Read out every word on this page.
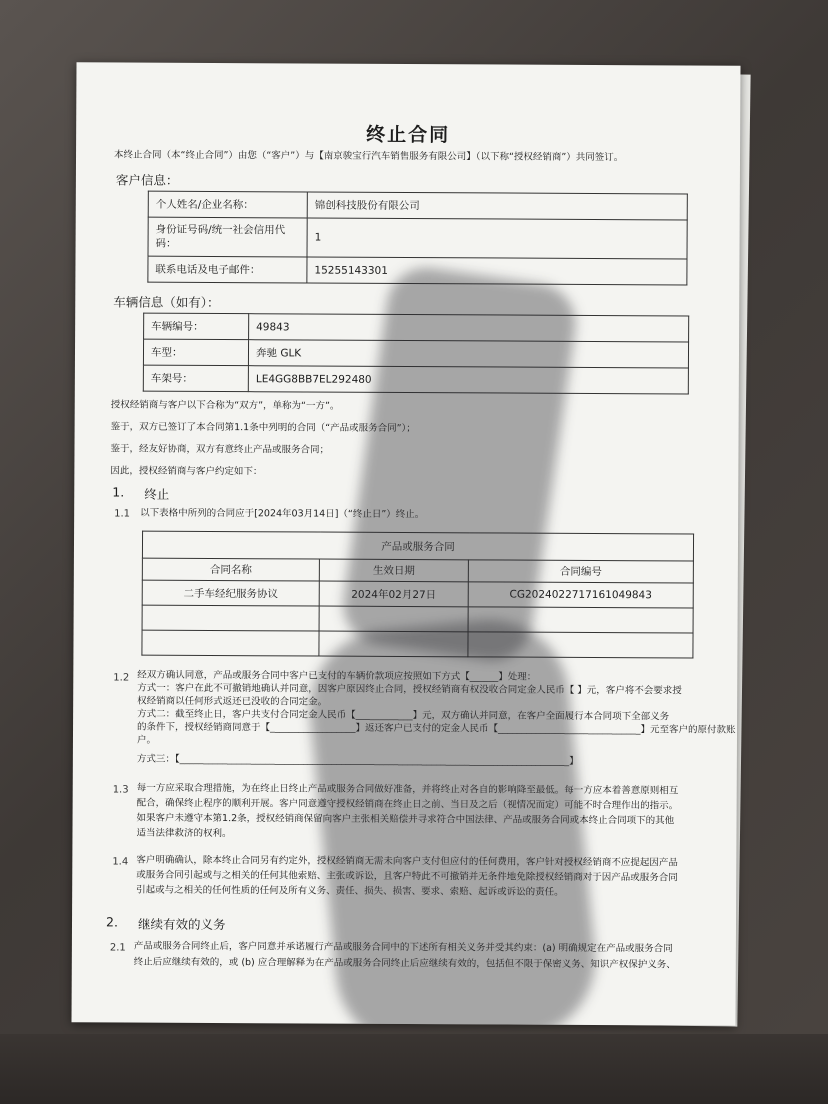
终止合同
本终止合同（本“终止合同”）由您（“客户”）与【南京骏宝行汽车销售服务有限公司】（以下称“授权经销商”）共同签订。
客户信息：
个人姓名/企业名称：	锦创科技股份有限公司
身份证号码/统一社会信用代码：	1
联系电话及电子邮件：	15255143301
车辆信息（如有）：
车辆编号：	49843
车型：	奔驰 GLK
车架号：	LE4GG8BB7EL292480
授权经销商与客户以下合称为“双方”，单称为“一方”。
鉴于，双方已签订了本合同第1.1条中列明的合同（“产品或服务合同”）；
鉴于，经友好协商，双方有意终止产品或服务合同；
因此，授权经销商与客户约定如下：
1. 终止
1.1 以下表格中所列的合同应于[2024年03月14日]（“终止日”）终止。
产品或服务合同		
合同名称	生效日期	合同编号
二手车经纪服务协议	2024年02月27日	CG20240227171610​49843

1.2 经双方确认同意，产品或服务合同中客户已支付的车辆价款项应按照如下方式【______】处理：
方式一：客户在此不可撤销地确认并同意，因客户原因终止合同，授权经销商有权没收合同定金人民币【 】元，客户将不会要求授
权经销商以任何形式返还已没收的合同定金。
方式二：截至终止日，客户共支付合同定金人民币【____________】元，双方确认并同意，在客户全面履行本合同项下全部义务
的条件下，授权经销商同意于【__________________】返还客户已支付的定金人民币【______________________________】元至客户的原付款账
户。
方式三：【__________________________________________________________________________________】
1.3 每一方应采取合理措施，为在终止日终止产品或服务合同做好准备，并将终止对各自的影响降至最低。每一方应本着善意原则相互
配合，确保终止程序的顺利开展。客户同意遵守授权经销商在终止日之前、当日及之后（视情况而定）可能不时合理作出的指示。
如果客户未遵守本第1.2条，授权经销商保留向客户主张相关赔偿并寻求符合中国法律、产品或服务合同或本终止合同项下的其他
适当法律救济的权利。
1.4 客户明确确认，除本终止合同另有约定外，授权经销商无需未向客户支付但应付的任何费用，客户针对授权经销商不应提起因产品
或服务合同引起或与之相关的任何其他索赔、主张或诉讼，且客户特此不可撤销并无条件地免除授权经销商对于因产品或服务合同
引起或与之相关的任何性质的任何及所有义务、责任、损失、损害、要求、索赔、起诉或诉讼的责任。
2. 继续有效的义务
2.1 产品或服务合同终止后，客户同意并承诺履行产品或服务合同中的下述所有相关义务并受其约束：(a) 明确规定在产品或服务合同
终止后应继续有效的，或 (b) 应合理解释为在产品或服务合同终止后应继续有效的，包括但不限于保密义务、知识产权保护义务、
